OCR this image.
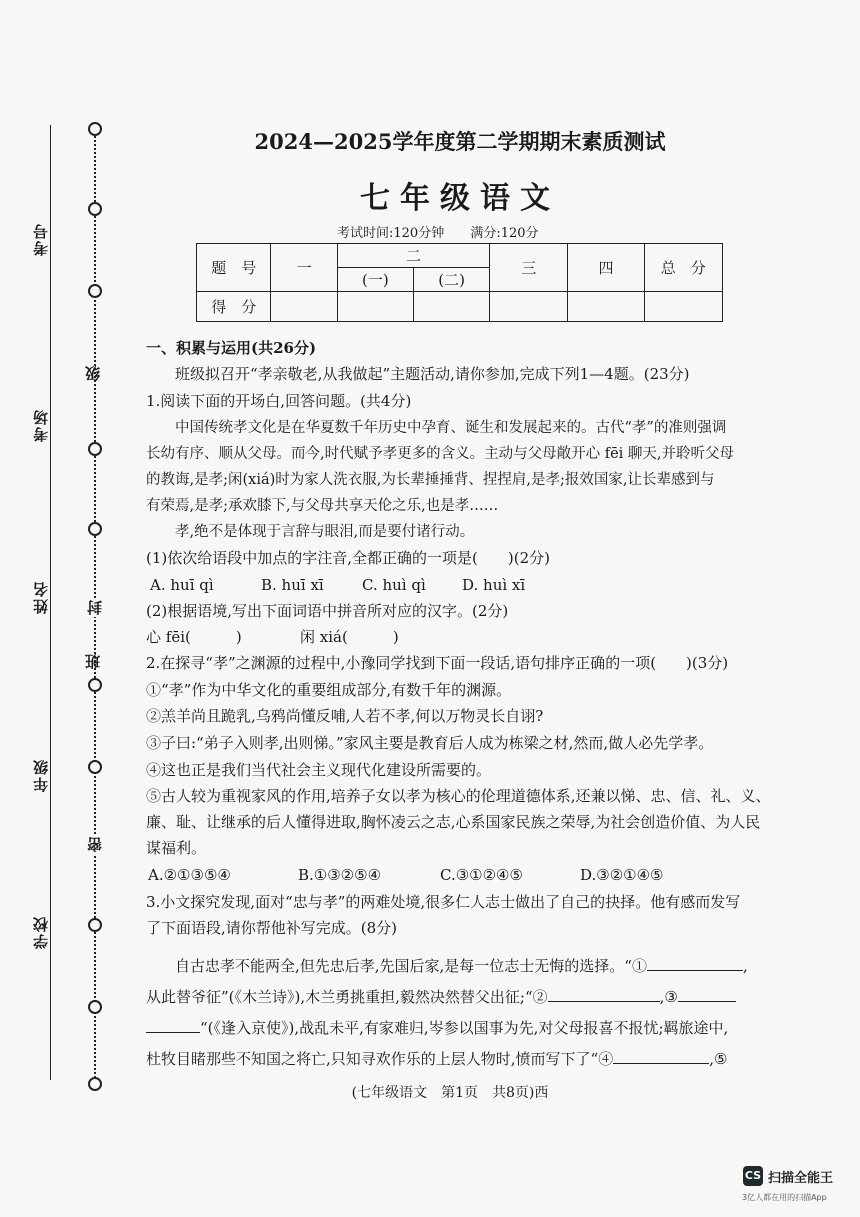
考号
考场
姓名
年级
学校
级
班
封
密
2024—2025学年度第二学期期末素质测试
七年级语文
考试时间:120分钟 满分:120分
题　号	一	二		三	四	总　分
		(一)	(二)			
得　分						
一、积累与运用(共26分)
班级拟召开“孝亲敬老,从我做起”主题活动,请你参加,完成下列1—4题。(23分)
1.阅读下面的开场白,回答问题。(共4分)
中国传统孝文化是在华夏数千年历史中孕育、诞生和发展起来的。古代“孝”的准则强调
长幼有序、顺从父母。而今,时代赋予孝更多的含义。主动与父母敞开心 fēi 聊天,并聆听父母
的教诲,是孝;闲(xiá)时为家人洗衣服,为长辈捶捶背、捏捏肩,是孝;报效国家,让长辈感到与
有荣焉,是孝;承欢膝下,与父母共享天伦之乐,也是孝……
孝,绝不是体现于言辞与眼泪,而是要付诸行动。
(1)依次给语段中加点的字注音,全都正确的一项是(　　)(2分)
A. huī qì	B. huī xī	C. huì qì D. huì xī
(2)根据语境,写出下面词语中拼音所对应的汉字。(2分)
心 fēi(　　　)	闲 xiá(　　　)
2.在探寻“孝”之渊源的过程中,小豫同学找到下面一段话,语句排序正确的一项(　　)(3分)
①“孝”作为中华文化的重要组成部分,有数千年的渊源。
②羔羊尚且跪乳,乌鸦尚懂反哺,人若不孝,何以万物灵长自诩?
③子曰:“弟子入则孝,出则悌。”家风主要是教育后人成为栋梁之材,然而,做人必先学孝。
④这也正是我们当代社会主义现代化建设所需要的。
⑤古人较为重视家风的作用,培养子女以孝为核心的伦理道德体系,还兼以悌、忠、信、礼、义、
廉、耻、让继承的后人懂得进取,胸怀凌云之志,心系国家民族之荣辱,为社会创造价值、为人民
谋福利。
A.②①③⑤④	B.①③②⑤④	C.③①②④⑤	D.③②①④⑤
3.小文探究发现,面对“忠与孝”的两难处境,很多仁人志士做出了自己的抉择。他有感而发写
了下面语段,请你帮他补写完成。(8分)
自古忠孝不能两全,但先忠后孝,先国后家,是每一位志士无悔的选择。“①	,
从此替爷征”(《木兰诗》),木兰勇挑重担,毅然决然替父出征;“②	,③
“(《逢入京使》),战乱未平,有家难归,岑参以国事为先,对父母报喜不报忧;羁旅途中,
杜牧目睹那些不知国之将亡,只知寻欢作乐的上层人物时,愤而写下了“④	,⑤
(七年级语文　第1页　共8页)西
CS 扫描全能王
3亿人都在用的扫描App
